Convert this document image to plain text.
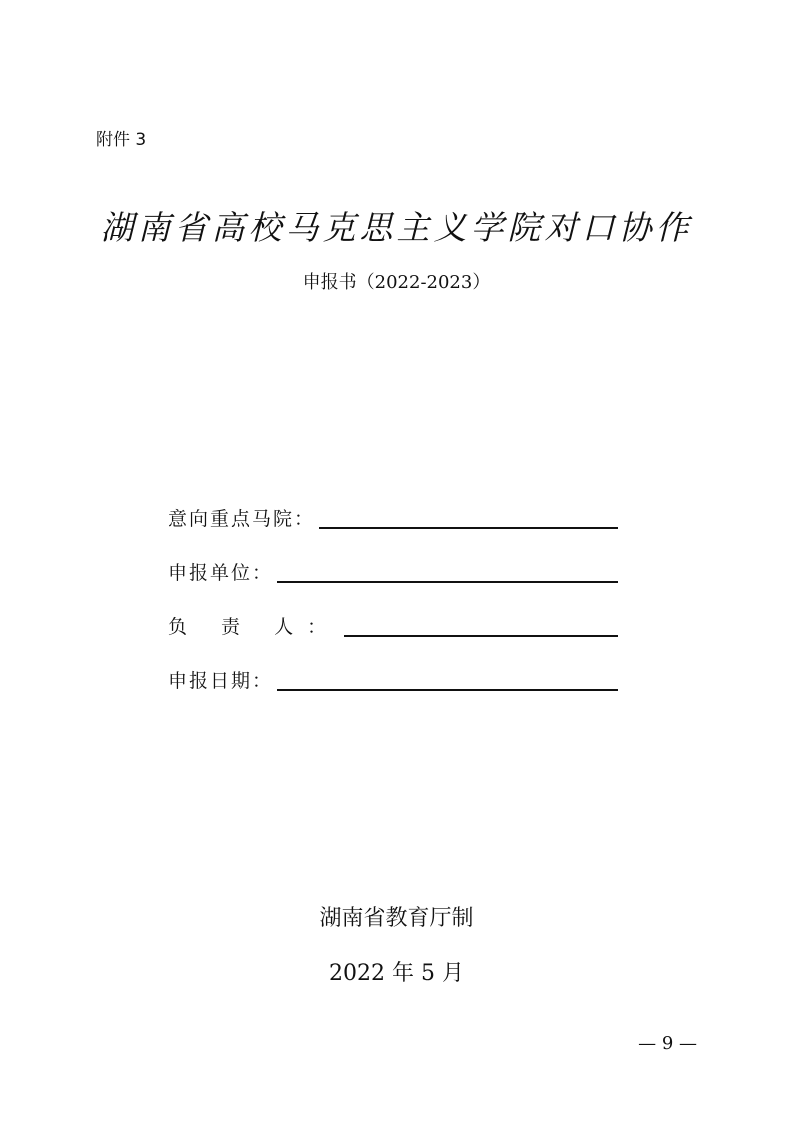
附件 3
湖南省高校马克思主义学院对口协作
申报书（2022-2023）
意向重点马院：
申报单位：
负 责 人：
申报日期：
湖南省教育厅制
2022 年 5 月
— 9 —
